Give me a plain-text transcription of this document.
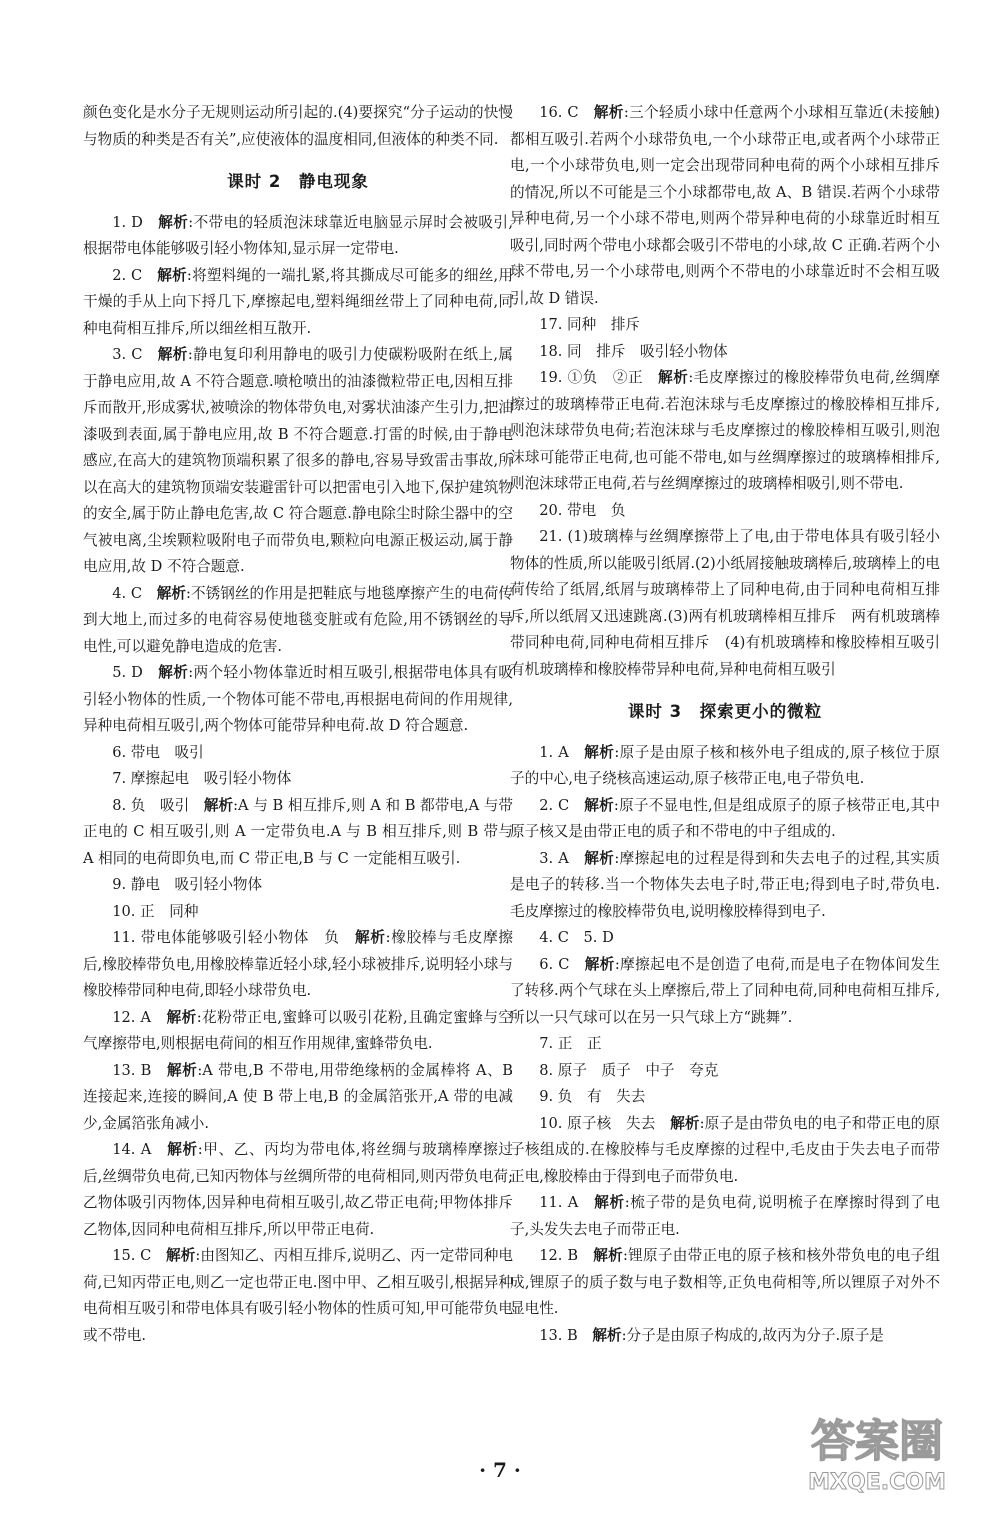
颜色变化是水分子无规则运动所引起的.(4)要探究“分子运动的快慢与物质的种类是否有关”,应使液体的温度相同,但液体的种类不同.

课时 2　静电现象

1. D　 解析:不带电的轻质泡沫球靠近电脑显示屏时会被吸引,根据带电体能够吸引轻小物体知,显示屏一定带电.

2. C　 解析:将塑料绳的一端扎紧,将其撕成尽可能多的细丝,用干燥的手从上向下捋几下,摩擦起电,塑料绳细丝带上了同种电荷,同种电荷相互排斥,所以细丝相互散开.

3. C　 解析:静电复印利用静电的吸引力使碳粉吸附在纸上,属于静电应用,故 A 不符合题意.喷枪喷出的油漆微粒带正电,因相互排斥而散开,形成雾状,被喷涂的物体带负电,对雾状油漆产生引力,把油漆吸到表面,属于静电应用,故 B 不符合题意.打雷的时候,由于静电感应,在高大的建筑物顶端积累了很多的静电,容易导致雷击事故,所以在高大的建筑物顶端安装避雷针可以把雷电引入地下,保护建筑物的安全,属于防止静电危害,故 C 符合题意.静电除尘时除尘器中的空气被电离,尘埃颗粒吸附电子而带负电,颗粒向电源正极运动,属于静电应用,故 D 不符合题意.

4. C　 解析:不锈钢丝的作用是把鞋底与地毯摩擦产生的电荷传到大地上,而过多的电荷容易使地毯变脏或有危险,用不锈钢丝的导电性,可以避免静电造成的危害.

5. D　 解析:两个轻小物体靠近时相互吸引,根据带电体具有吸引轻小物体的性质,一个物体可能不带电,再根据电荷间的作用规律,异种电荷相互吸引,两个物体可能带异种电荷.故 D 符合题意.

6. 带电　吸引

7. 摩擦起电　吸引轻小物体

8. 负　吸引　 解析:A 与 B 相互排斥,则 A 和 B 都带电,A 与带正电的 C 相互吸引,则 A 一定带负电.A 与 B 相互排斥,则 B 带与 A 相同的电荷即负电,而 C 带正电,B 与 C 一定能相互吸引.

9. 静电　吸引轻小物体

10. 正　同种

11. 带电体能够吸引轻小物体　负　 解析:橡胶棒与毛皮摩擦后,橡胶棒带负电,用橡胶棒靠近轻小球,轻小球被排斥,说明轻小球与橡胶棒带同种电荷,即轻小球带负电.

12. A　 解析:花粉带正电,蜜蜂可以吸引花粉,且确定蜜蜂与空气摩擦带电,则根据电荷间的相互作用规律,蜜蜂带负电.

13. B　 解析:A 带电,B 不带电,用带绝缘柄的金属棒将 A、B 连接起来,连接的瞬间,A 使 B 带上电,B 的金属箔张开,A 带的电减少,金属箔张角减小.

14. A　 解析:甲、乙、丙均为带电体,将丝绸与玻璃棒摩擦过后,丝绸带负电荷,已知丙物体与丝绸所带的电荷相同,则丙带负电荷;乙物体吸引丙物体,因异种电荷相互吸引,故乙带正电荷;甲物体排斥乙物体,因同种电荷相互排斥,所以甲带正电荷.

15. C　 解析:由图知乙、丙相互排斥,说明乙、丙一定带同种电荷,已知丙带正电,则乙一定也带正电.图中甲、乙相互吸引,根据异种电荷相互吸引和带电体具有吸引轻小物体的性质可知,甲可能带负电或不带电.

16. C　 解析:三个轻质小球中任意两个小球相互靠近(未接触)都相互吸引.若两个小球带负电,一个小球带正电,或者两个小球带正电,一个小球带负电,则一定会出现带同种电荷的两个小球相互排斥的情况,所以不可能是三个小球都带电,故 A、B 错误.若两个小球带异种电荷,另一个小球不带电,则两个带异种电荷的小球靠近时相互吸引,同时两个带电小球都会吸引不带电的小球,故 C 正确.若两个小球不带电,另一个小球带电,则两个不带电的小球靠近时不会相互吸引,故 D 错误.

17. 同种　排斥

18. 同　排斥　吸引轻小物体

19. ①负　②正　 解析:毛皮摩擦过的橡胶棒带负电荷,丝绸摩擦过的玻璃棒带正电荷.若泡沫球与毛皮摩擦过的橡胶棒相互排斥,则泡沫球带负电荷;若泡沫球与毛皮摩擦过的橡胶棒相互吸引,则泡沫球可能带正电荷,也可能不带电,如与丝绸摩擦过的玻璃棒相排斥,则泡沫球带正电荷,若与丝绸摩擦过的玻璃棒相吸引,则不带电.

20. 带电　负

21. (1)玻璃棒与丝绸摩擦带上了电,由于带电体具有吸引轻小物体的性质,所以能吸引纸屑.(2)小纸屑接触玻璃棒后,玻璃棒上的电荷传给了纸屑,纸屑与玻璃棒带上了同种电荷,由于同种电荷相互排斥,所以纸屑又迅速跳离.(3)两有机玻璃棒相互排斥　两有机玻璃棒带同种电荷,同种电荷相互排斥　(4)有机玻璃棒和橡胶棒相互吸引　有机玻璃棒和橡胶棒带异种电荷,异种电荷相互吸引

课时 3　探索更小的微粒

1. A　 解析:原子是由原子核和核外电子组成的,原子核位于原子的中心,电子绕核高速运动,原子核带正电,电子带负电.

2. C　 解析:原子不显电性,但是组成原子的原子核带正电,其中原子核又是由带正电的质子和不带电的中子组成的.

3. A　 解析:摩擦起电的过程是得到和失去电子的过程,其实质是电子的转移.当一个物体失去电子时,带正电;得到电子时,带负电.毛皮摩擦过的橡胶棒带负电,说明橡胶棒得到电子.

4. C　5. D

6. C　 解析:摩擦起电不是创造了电荷,而是电子在物体间发生了转移.两个气球在头上摩擦后,带上了同种电荷,同种电荷相互排斥,所以一只气球可以在另一只气球上方“跳舞”.

7. 正　正

8. 原子　质子　中子　夸克

9. 负　有　失去

10. 原子核　失去　 解析:原子是由带负电的电子和带正电的原子核组成的.在橡胶棒与毛皮摩擦的过程中,毛皮由于失去电子而带正电,橡胶棒由于得到电子而带负电.

11. A　 解析:梳子带的是负电荷,说明梳子在摩擦时得到了电子,头发失去电子而带正电.

12. B　 解析:锂原子由带正电的原子核和核外带负电的电子组成,锂原子的质子数与电子数相等,正负电荷相等,所以锂原子对外不显电性.

13. B　 解析:分子是由原子构成的,故丙为分子.原子是

· 7 ·
答案圈
MXQE.COM
